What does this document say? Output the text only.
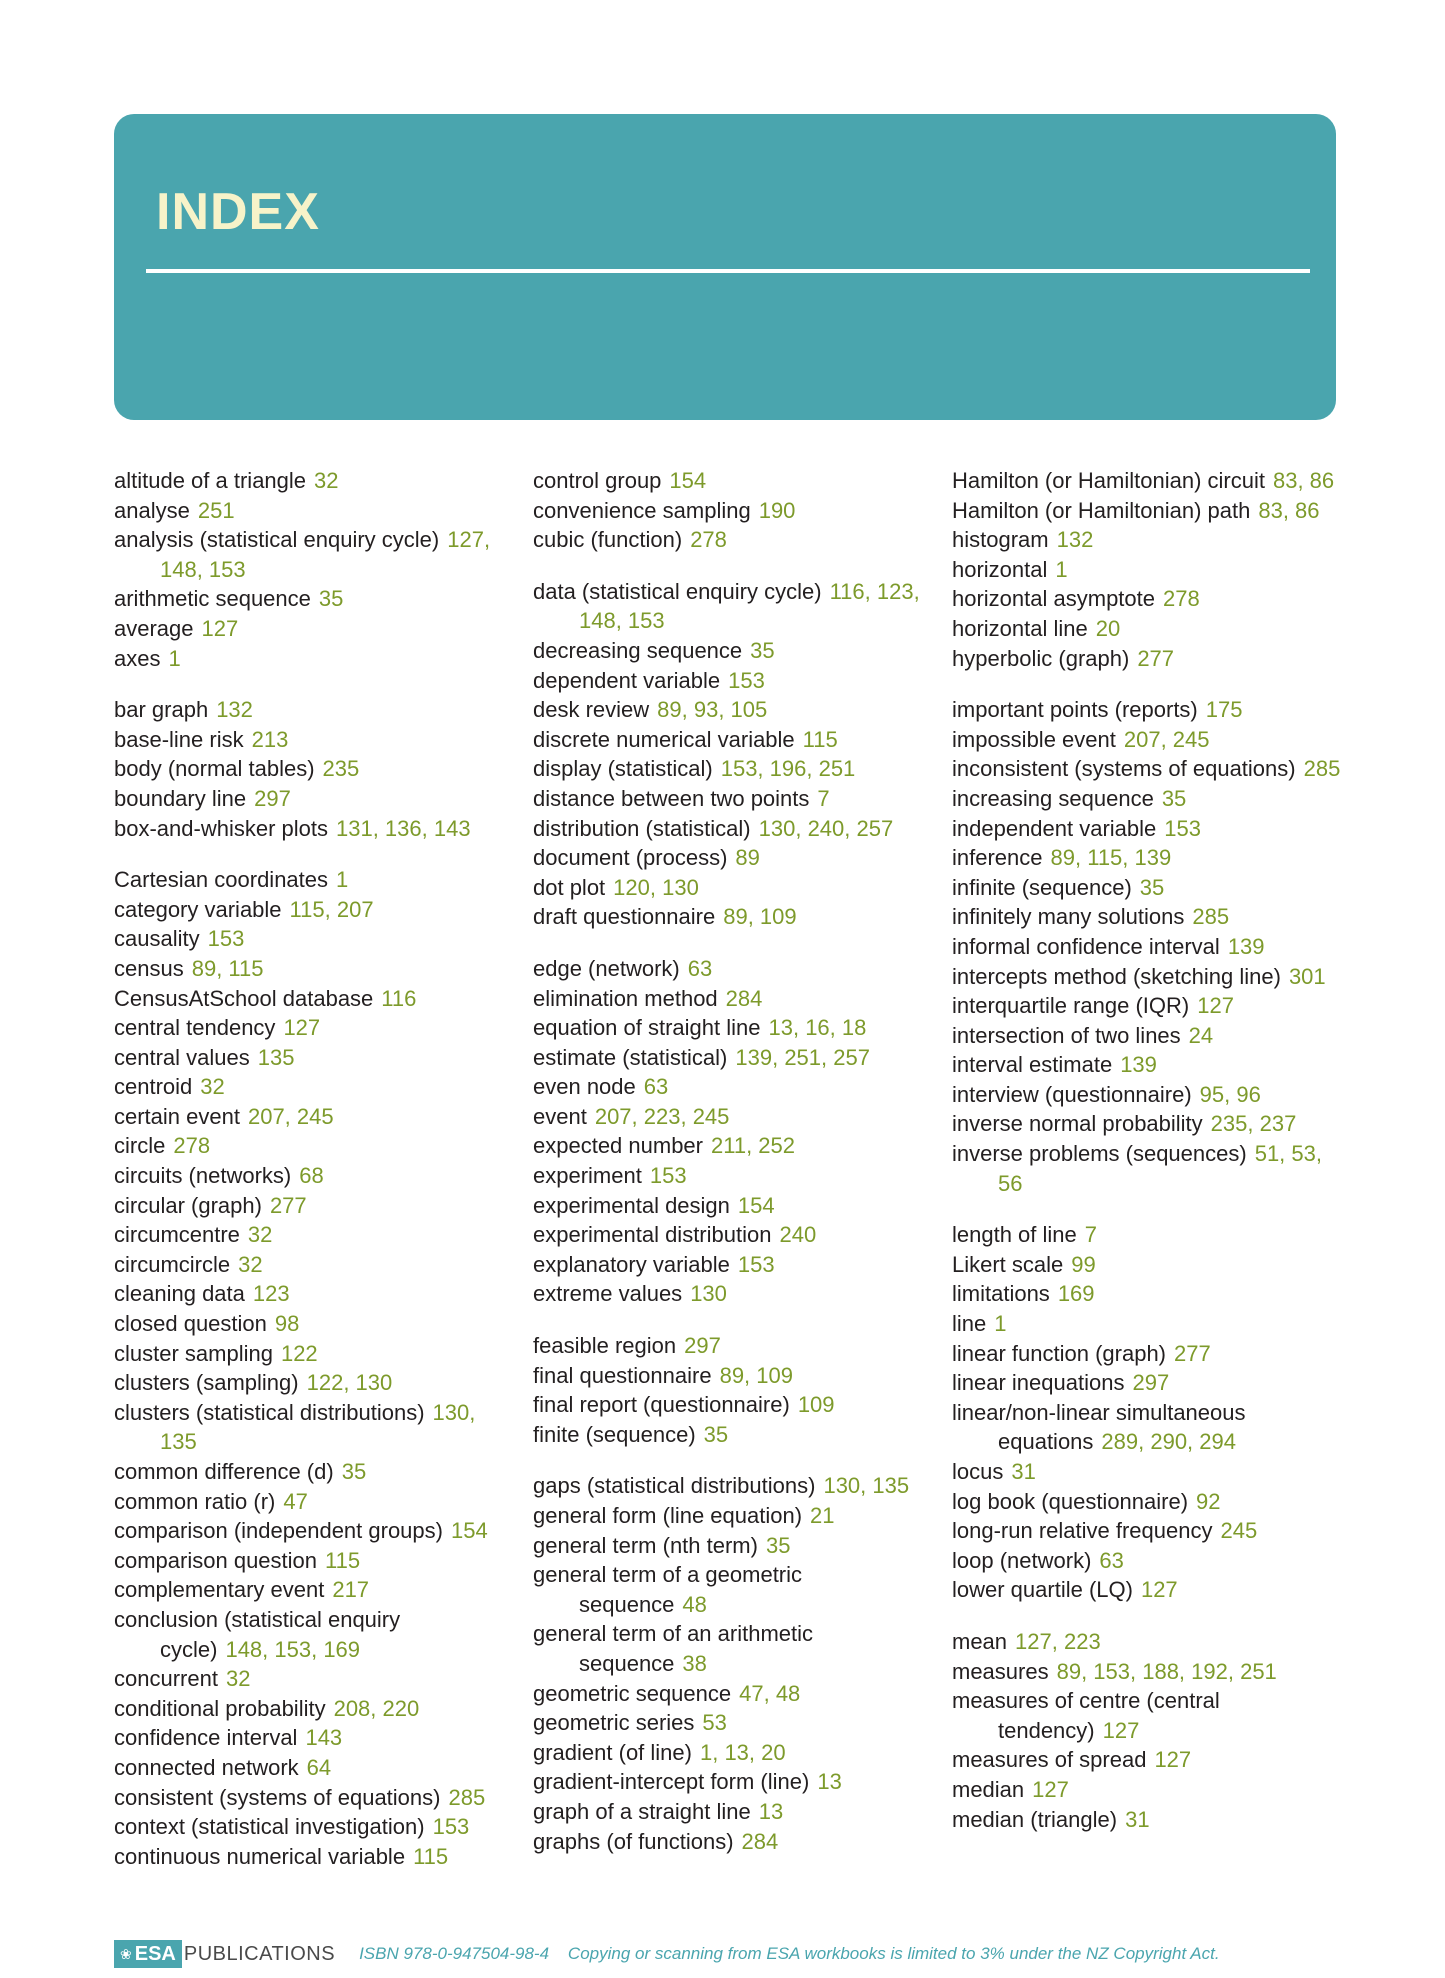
INDEX
altitude of a triangle 32
analyse 251
analysis (statistical enquiry cycle) 127, 148, 153
arithmetic sequence 35
average 127
axes 1
bar graph 132
base-line risk 213
body (normal tables) 235
boundary line 297
box-and-whisker plots 131, 136, 143
Cartesian coordinates 1
category variable 115, 207
causality 153
census 89, 115
CensusAtSchool database 116
central tendency 127
central values 135
centroid 32
certain event 207, 245
circle 278
circuits (networks) 68
circular (graph) 277
circumcentre 32
circumcircle 32
cleaning data 123
closed question 98
cluster sampling 122
clusters (sampling) 122, 130
clusters (statistical distributions) 130, 135
common difference (d) 35
common ratio (r) 47
comparison (independent groups) 154
comparison question 115
complementary event 217
conclusion (statistical enquiry cycle) 148, 153, 169
concurrent 32
conditional probability 208, 220
confidence interval 143
connected network 64
consistent (systems of equations) 285
context (statistical investigation) 153
continuous numerical variable 115
control group 154
convenience sampling 190
cubic (function) 278
data (statistical enquiry cycle) 116, 123, 148, 153
decreasing sequence 35
dependent variable 153
desk review 89, 93, 105
discrete numerical variable 115
display (statistical) 153, 196, 251
distance between two points 7
distribution (statistical) 130, 240, 257
document (process) 89
dot plot 120, 130
draft questionnaire 89, 109
edge (network) 63
elimination method 284
equation of straight line 13, 16, 18
estimate (statistical) 139, 251, 257
even node 63
event 207, 223, 245
expected number 211, 252
experiment 153
experimental design 154
experimental distribution 240
explanatory variable 153
extreme values 130
feasible region 297
final questionnaire 89, 109
final report (questionnaire) 109
finite (sequence) 35
gaps (statistical distributions) 130, 135
general form (line equation) 21
general term (nth term) 35
general term of a geometric sequence 48
general term of an arithmetic sequence 38
geometric sequence 47, 48
geometric series 53
gradient (of line) 1, 13, 20
gradient-intercept form (line) 13
graph of a straight line 13
graphs (of functions) 284
Hamilton (or Hamiltonian) circuit 83, 86
Hamilton (or Hamiltonian) path 83, 86
histogram 132
horizontal 1
horizontal asymptote 278
horizontal line 20
hyperbolic (graph) 277
important points (reports) 175
impossible event 207, 245
inconsistent (systems of equations) 285
increasing sequence 35
independent variable 153
inference 89, 115, 139
infinite (sequence) 35
infinitely many solutions 285
informal confidence interval 139
intercepts method (sketching line) 301
interquartile range (IQR) 127
intersection of two lines 24
interval estimate 139
interview (questionnaire) 95, 96
inverse normal probability 235, 237
inverse problems (sequences) 51, 53, 56
length of line 7
Likert scale 99
limitations 169
line 1
linear function (graph) 277
linear inequations 297
linear/non-linear simultaneous equations 289, 290, 294
locus 31
log book (questionnaire) 92
long-run relative frequency 245
loop (network) 63
lower quartile (LQ) 127
mean 127, 223
measures 89, 153, 188, 192, 251
measures of centre (central tendency) 127
measures of spread 127
median 127
median (triangle) 31
❀ ESA PUBLICATIONS ISBN 978-0-947504-98-4    Copying or scanning from ESA workbooks is limited to 3% under the NZ Copyright Act.
